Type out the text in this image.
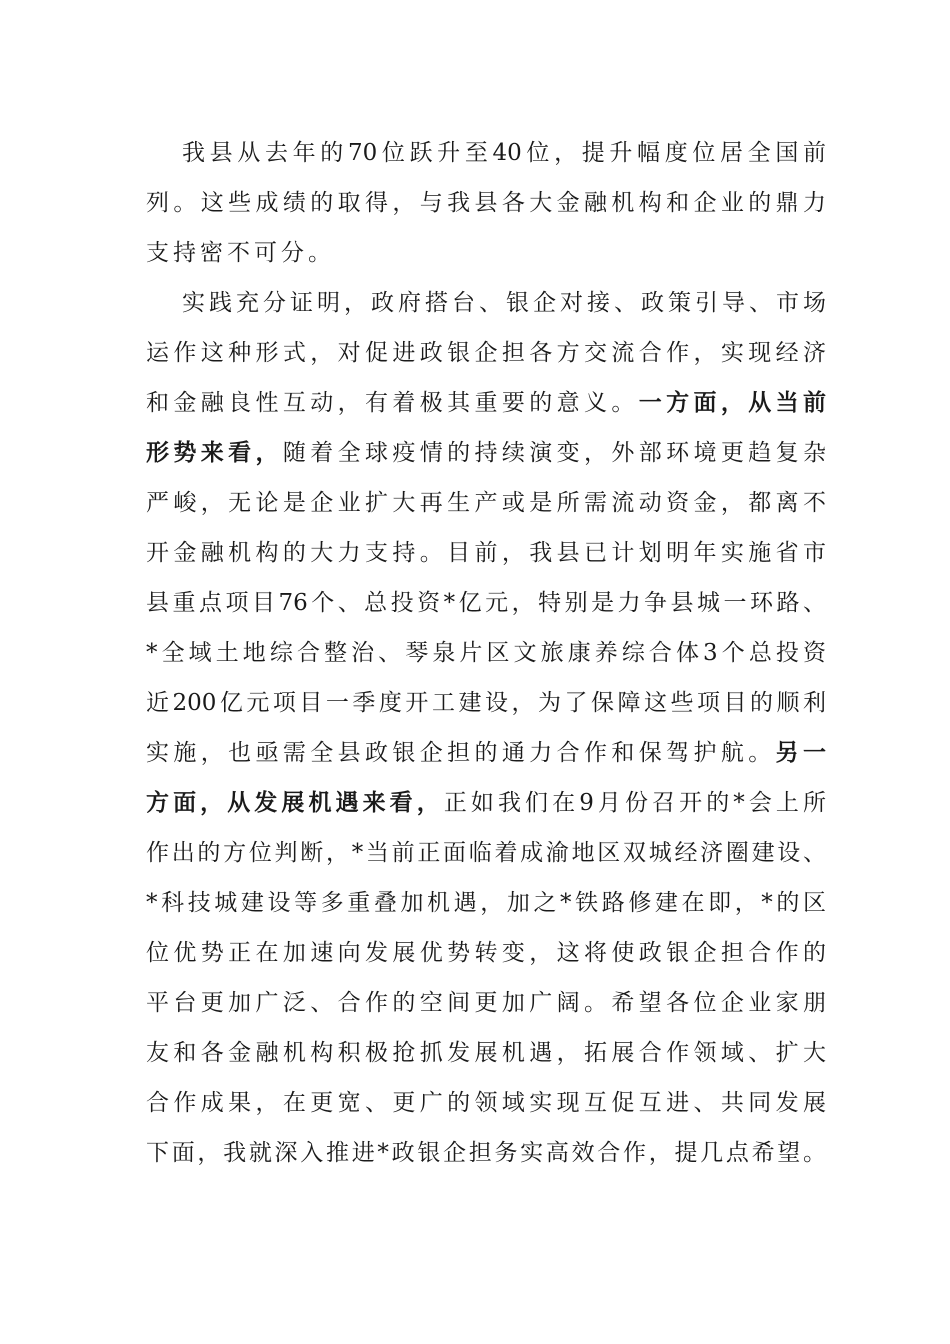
我县从去年的70位跃升至40位，提升幅度位居全国前
列。这些成绩的取得，与我县各大金融机构和企业的鼎力
支持密不可分。
实践充分证明，政府搭台、银企对接、政策引导、市场
运作这种形式，对促进政银企担各方交流合作，实现经济
和金融良性互动，有着极其重要的意义。一方面，从当前
形势来看，随着全球疫情的持续演变，外部环境更趋复杂
严峻，无论是企业扩大再生产或是所需流动资金，都离不
开金融机构的大力支持。目前，我县已计划明年实施省市
县重点项目76个、总投资*亿元，特别是力争县城一环路、
*全域土地综合整治、琴泉片区文旅康养综合体3个总投资
近200亿元项目一季度开工建设，为了保障这些项目的顺利
实施，也亟需全县政银企担的通力合作和保驾护航。另一
方面，从发展机遇来看，正如我们在9月份召开的*会上所
作出的方位判断，*当前正面临着成渝地区双城经济圈建设、
*科技城建设等多重叠加机遇，加之*铁路修建在即，*的区
位优势正在加速向发展优势转变，这将使政银企担合作的
平台更加广泛、合作的空间更加广阔。希望各位企业家朋
友和各金融机构积极抢抓发展机遇，拓展合作领域、扩大
合作成果，在更宽、更广的领域实现互促互进、共同发展
下面，我就深入推进*政银企担务实高效合作，提几点希望。
